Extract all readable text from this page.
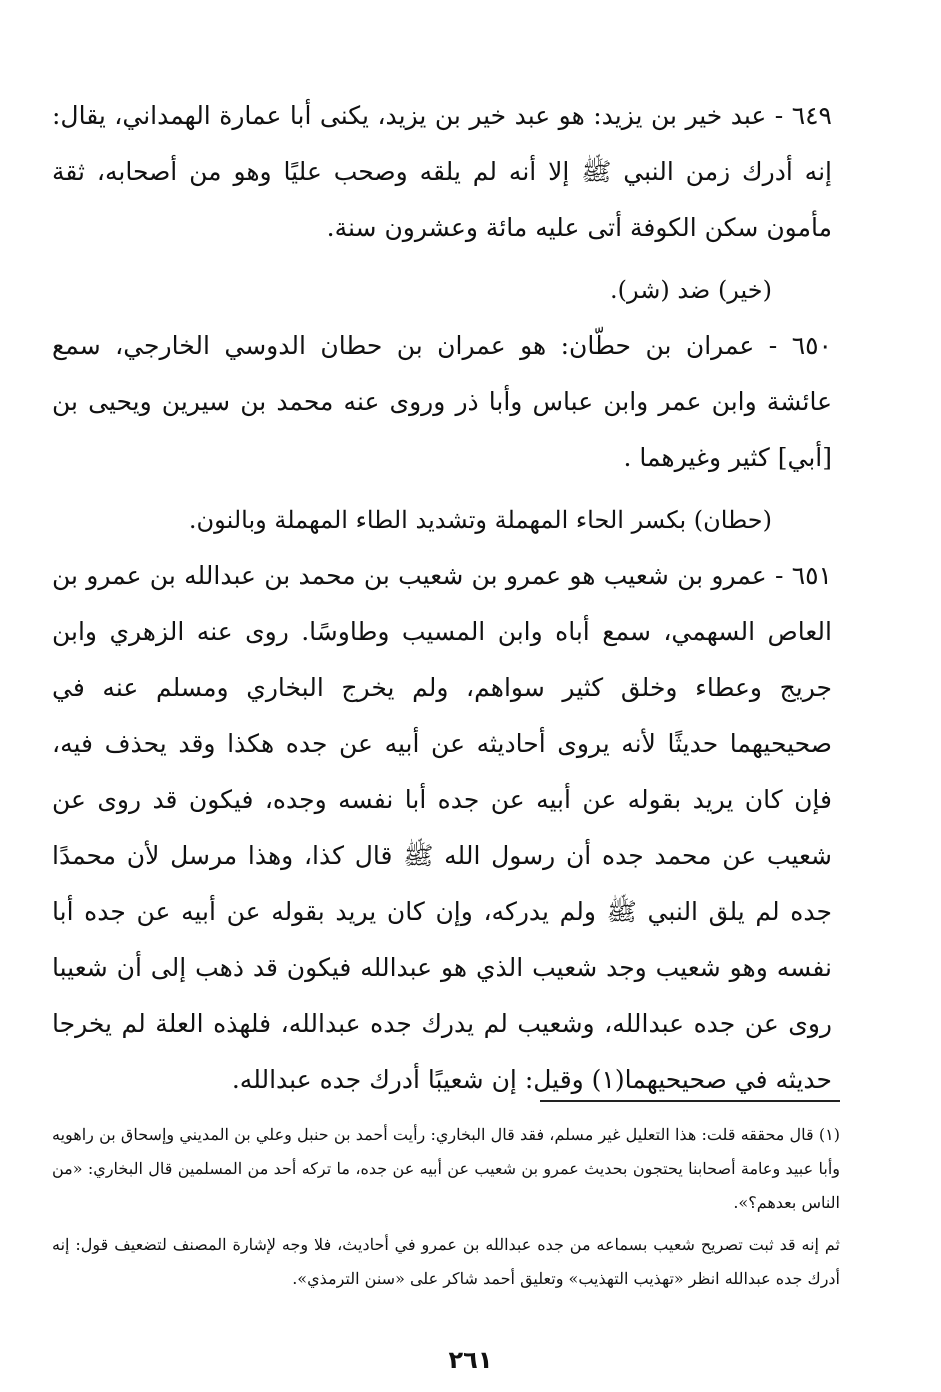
٦٤٩ - عبد خير بن يزيد: هو عبد خير بن يزيد، يكنى أبا عمارة الهمداني، يقال: إنه أدرك زمن النبي ﷺ إلا أنه لم يلقه وصحب عليًا وهو من أصحابه، ثقة مأمون سكن الكوفة أتى عليه مائة وعشرون سنة.

(خير) ضد (شر).

٦٥٠ - عمران بن حطّان: هو عمران بن حطان الدوسي الخارجي، سمع عائشة وابن عمر وابن عباس وأبا ذر وروى عنه محمد بن سيرين ويحيى بن [أبي] كثير وغيرهما .

(حطان) بكسر الحاء المهملة وتشديد الطاء المهملة وبالنون.

٦٥١ - عمرو بن شعيب هو عمرو بن شعيب بن محمد بن عبدالله بن عمرو بن العاص السهمي، سمع أباه وابن المسيب وطاوسًا. روى عنه الزهري وابن جريج وعطاء وخلق كثير سواهم، ولم يخرج البخاري ومسلم عنه في صحيحيهما حديثًا لأنه يروى أحاديثه عن أبيه عن جده هكذا وقد يحذف فيه، فإن كان يريد بقوله عن أبيه عن جده أبا نفسه وجده، فيكون قد روى عن شعيب عن محمد جده أن رسول الله ﷺ قال كذا، وهذا مرسل لأن محمدًا جده لم يلق النبي ﷺ ولم يدركه، وإن كان يريد بقوله عن أبيه عن جده أبا نفسه وهو شعيب وجد شعيب الذي هو عبدالله فيكون قد ذهب إلى أن شعيبا روى عن جده عبدالله، وشعيب لم يدرك جده عبدالله، فلهذه العلة لم يخرجا حديثه في صحيحيهما(١) وقيل: إن شعيبًا أدرك جده عبدالله.

(١) قال محققه قلت: هذا التعليل غير مسلم، فقد قال البخاري: رأيت أحمد بن حنبل وعلي بن المديني وإسحاق بن راهويه وأبا عبيد وعامة أصحابنا يحتجون بحديث عمرو بن شعيب عن أبيه عن جده، ما تركه أحد من المسلمين قال البخاري: «من الناس بعدهم؟».

ثم إنه قد ثبت تصريح شعيب بسماعه من جده عبدالله بن عمرو في أحاديث، فلا وجه لإشارة المصنف لتضعيف قول: إنه أدرك جده عبدالله انظر «تهذيب التهذيب» وتعليق أحمد شاكر على «سنن الترمذي».

٢٦١
